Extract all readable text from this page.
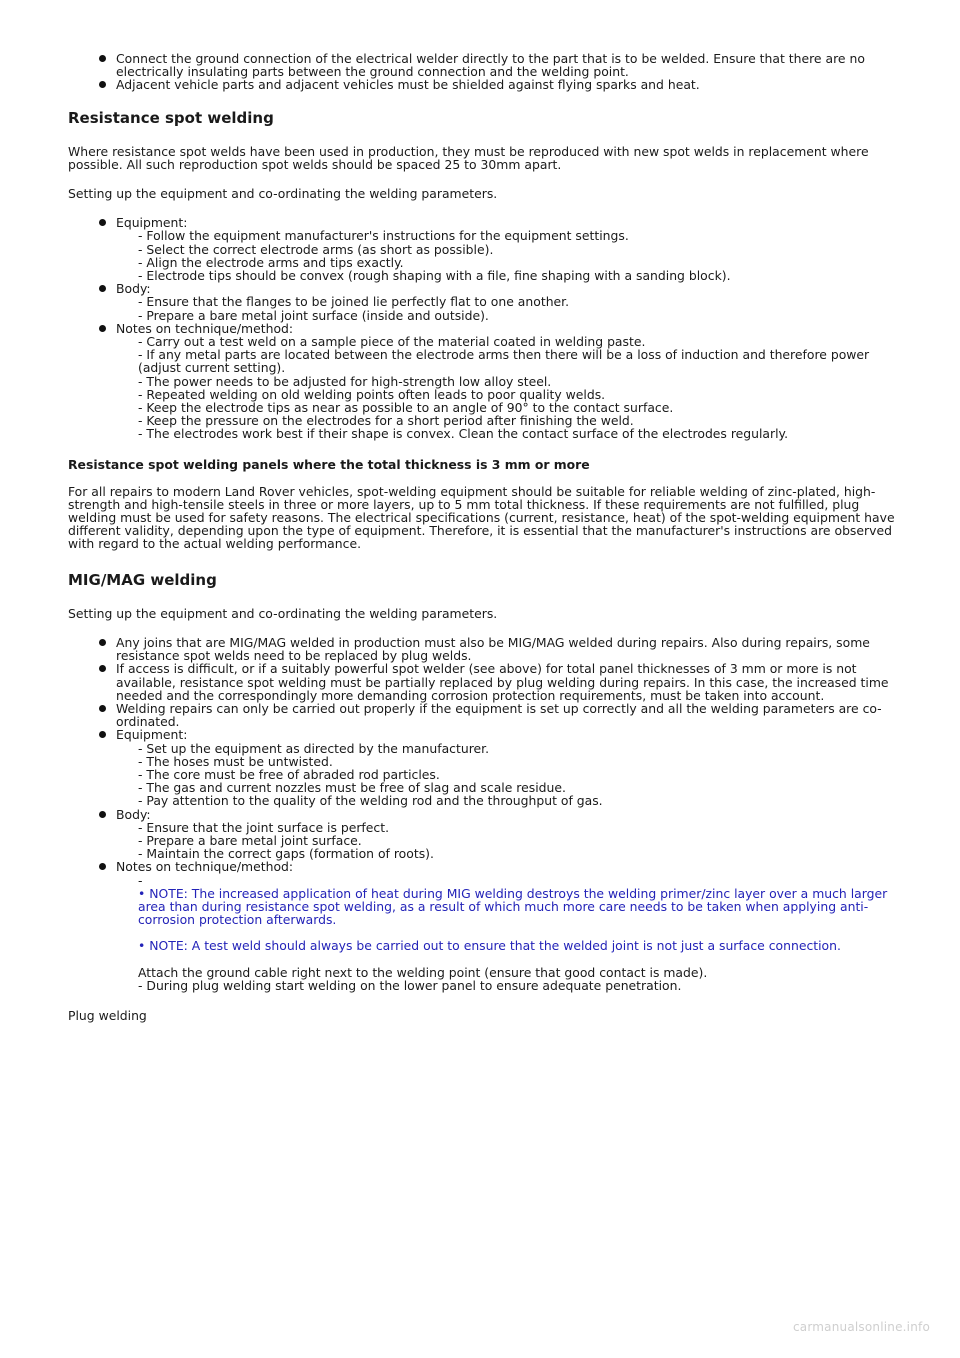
Connect the ground connection of the electrical welder directly to the part that is to be welded. Ensure that there are no electrically insulating parts between the ground connection and the welding point.

Adjacent vehicle parts and adjacent vehicles must be shielded against flying sparks and heat.

Resistance spot welding

Where resistance spot welds have been used in production, they must be reproduced with new spot welds in replacement where possible. All such reproduction spot welds should be spaced 25 to 30mm apart.

Setting up the equipment and co-ordinating the welding parameters.

Equipment:

- Follow the equipment manufacturer's instructions for the equipment settings.

- Select the correct electrode arms (as short as possible).

- Align the electrode arms and tips exactly.

- Electrode tips should be convex (rough shaping with a file, fine shaping with a sanding block).

Body:

- Ensure that the flanges to be joined lie perfectly flat to one another.

- Prepare a bare metal joint surface (inside and outside).

Notes on technique/method:

- Carry out a test weld on a sample piece of the material coated in welding paste.

- If any metal parts are located between the electrode arms then there will be a loss of induction and therefore power (adjust current setting).

- The power needs to be adjusted for high-strength low alloy steel.

- Repeated welding on old welding points often leads to poor quality welds.

- Keep the electrode tips as near as possible to an angle of 90° to the contact surface.

- Keep the pressure on the electrodes for a short period after finishing the weld.

- The electrodes work best if their shape is convex. Clean the contact surface of the electrodes regularly.

Resistance spot welding panels where the total thickness is 3 mm or more

For all repairs to modern Land Rover vehicles, spot-welding equipment should be suitable for reliable welding of zinc-plated, high-strength and high-tensile steels in three or more layers, up to 5 mm total thickness. If these requirements are not fulfilled, plug welding must be used for safety reasons. The electrical specifications (current, resistance, heat) of the spot-welding equipment have different validity, depending upon the type of equipment. Therefore, it is essential that the manufacturer's instructions are observed with regard to the actual welding performance.

MIG/MAG welding

Setting up the equipment and co-ordinating the welding parameters.

Any joins that are MIG/MAG welded in production must also be MIG/MAG welded during repairs. Also during repairs, some resistance spot welds need to be replaced by plug welds.

If access is difficult, or if a suitably powerful spot welder (see above) for total panel thicknesses of 3 mm or more is not available, resistance spot welding must be partially replaced by plug welding during repairs. In this case, the increased time needed and the correspondingly more demanding corrosion protection requirements, must be taken into account.

Welding repairs can only be carried out properly if the equipment is set up correctly and all the welding parameters are co-ordinated.

Equipment:

- Set up the equipment as directed by the manufacturer.

- The hoses must be untwisted.

- The core must be free of abraded rod particles.

- The gas and current nozzles must be free of slag and scale residue.

- Pay attention to the quality of the welding rod and the throughput of gas.

Body:

- Ensure that the joint surface is perfect.

- Prepare a bare metal joint surface.

- Maintain the correct gaps (formation of roots).

Notes on technique/method:

-

• NOTE: The increased application of heat during MIG welding destroys the welding primer/zinc layer over a much larger area than during resistance spot welding, as a result of which much more care needs to be taken when applying anti-corrosion protection afterwards.

• NOTE: A test weld should always be carried out to ensure that the welded joint is not just a surface connection.

Attach the ground cable right next to the welding point (ensure that good contact is made).

- During plug welding start welding on the lower panel to ensure adequate penetration.

Plug welding

carmanualsonline.info
